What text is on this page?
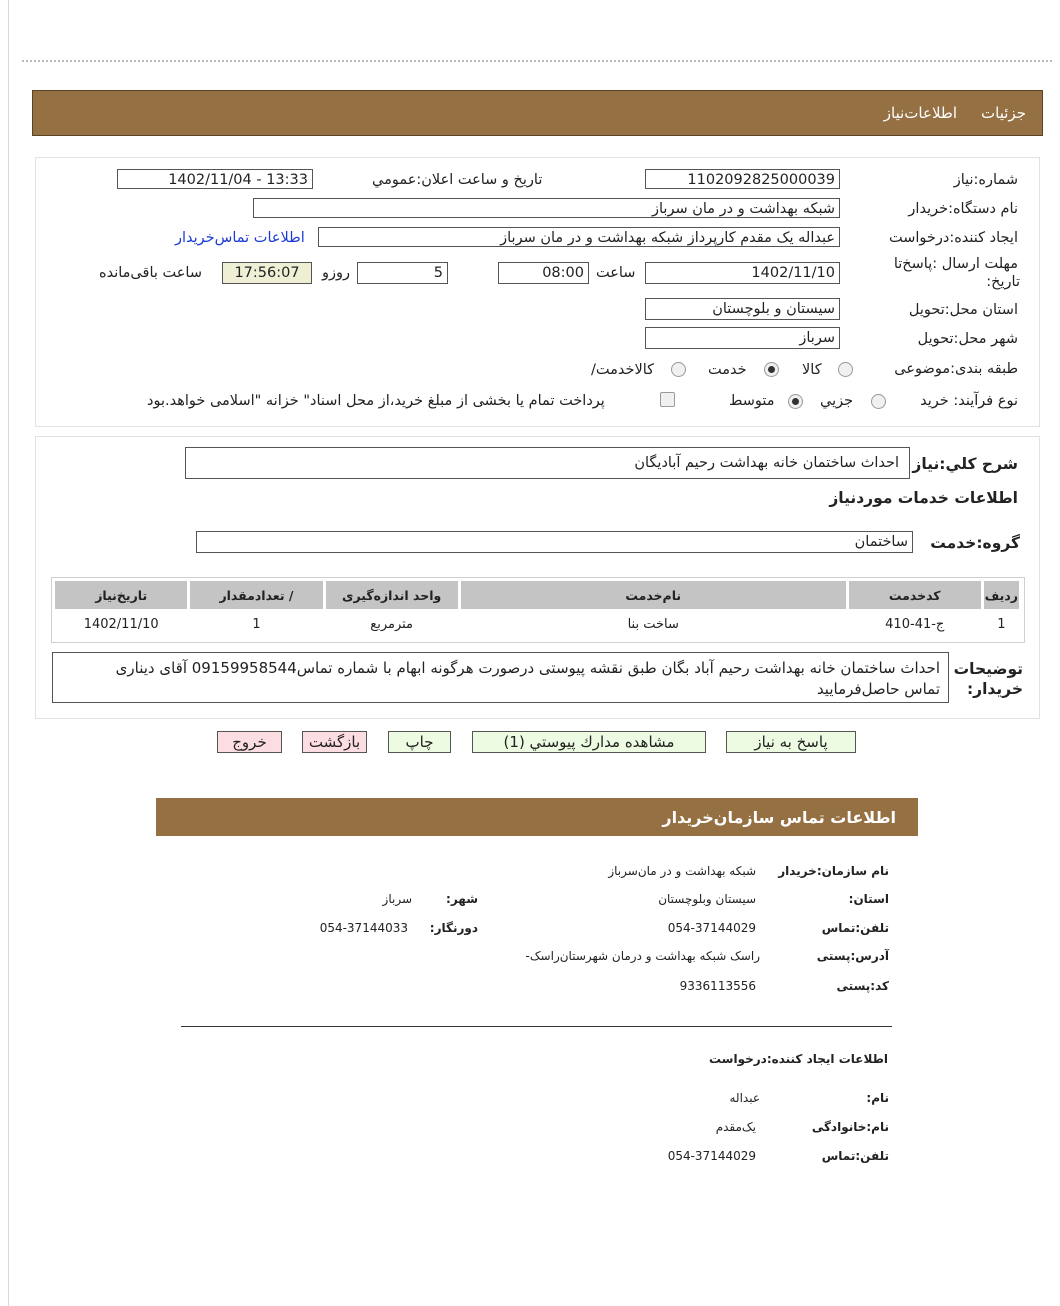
اطلاعات‌نیاز جزئیات
شماره:نیاز
1102092825000039
تاریخ و ساعت اعلان:عمومي
1402/11/04 - 13:33
نام دستگاه:خریدار
شبکه بهداشت و در مان سرباز
ایجاد کننده:درخواست
عبداله یک مقدم کارپرداز شبکه بهداشت و در مان سرباز
اطلاعات تماس‌خریدار
مهلت ارسال :پاسخ‌تا
:تاریخ
1402/11/10
ساعت
08:00
5
روزو
17:56:07
ساعت باقی‌مانده
استان محل:تحویل
سیستان و بلوچستان
شهر محل:تحویل
سرباز
طبقه بندی:موضوعی
کالا
خدمت
/کالاخدمت
نوع فرآیند: خرید
جزیي
متوسط
پرداخت تمام یا بخشی از مبلغ خرید،از محل اسناد" خزانه "اسلامی خواهد.بود
شرح کلي:نیاز
احداث ساختمان خانه بهداشت رحیم آبادیگان
اطلاعات خدمات موردنیاز
گروه:خدمت
ساختمان
ردیف	کدخدمت	نام‌خدمت	واحد اندازه‌گیری	/ تعدادمقدار	تاریخ‌نیاز
1	ج-41-410	ساخت بنا	مترمربع	1	1402/11/10
توضیحات
:خریدار
احداث ساختمان خانه بهداشت رحیم آباد بگان طبق نقشه پیوستی درصورت هرگونه ابهام با شماره تماس09159958544 آقای دیناری
تماس حاصل‌فرمایید
پاسخ به نیاز
مشاهده مدارك پيوستي (1)
چاپ
بازگشت
خروج
اطلاعات تماس سازمان‌خریدار
نام سازمان:خریدار
شبکه بهداشت و در مان‌سرباز
:استان
سیستان وبلوچستان
:شهر
سرباز
تلفن:تماس
054-37144029
:دورنگار
054-37144033
آدرس:پستی
-راسک شبکه بهداشت و درمان شهرستان‌راسک
کد:پستی
9336113556
اطلاعات ایجاد کننده:درخواست
:نام
عبداله
نام:خانوادگی
یک‌مقدم
تلفن:تماس
054-37144029
